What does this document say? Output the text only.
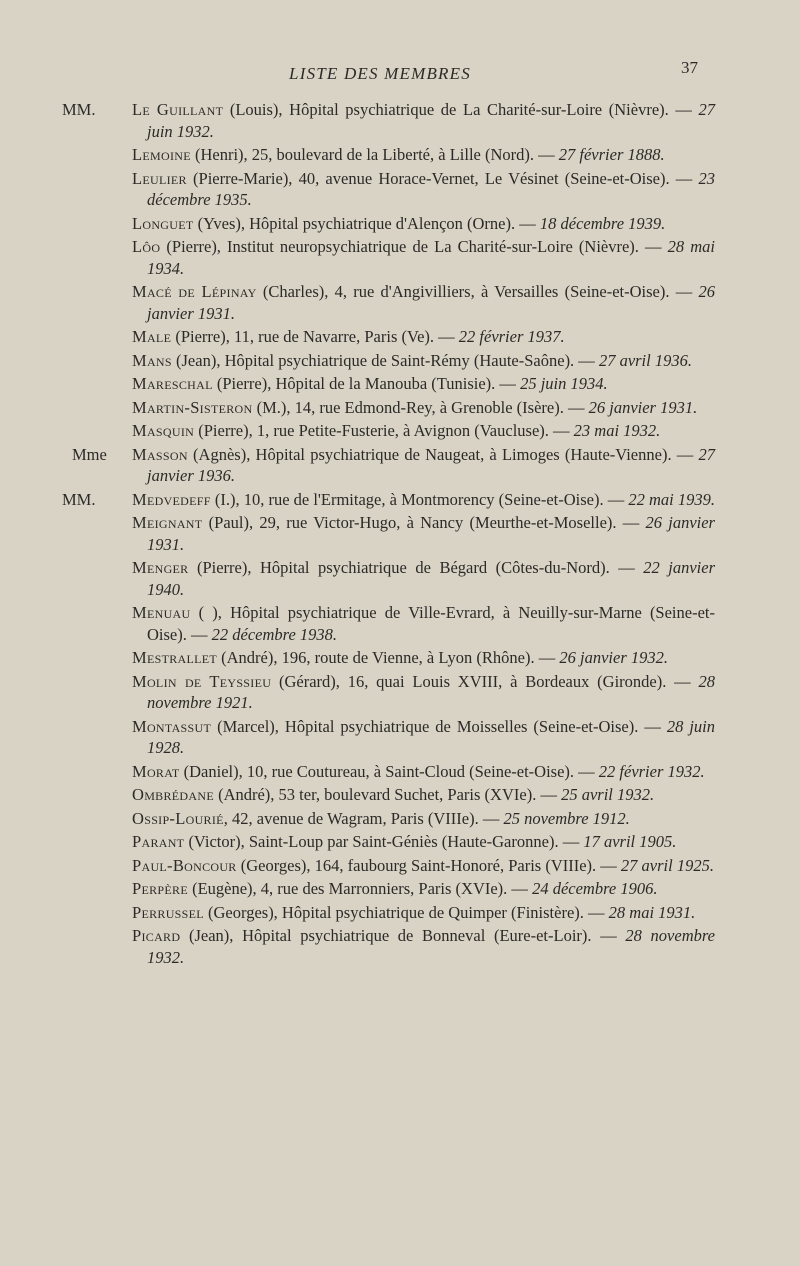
LISTE DES MEMBRES	37
MM. Le Guillant (Louis), Hôpital psychiatrique de La Charité-sur-Loire (Nièvre). — 27 juin 1932.
Lemoine (Henri), 25, boulevard de la Liberté, à Lille (Nord). — 27 février 1888.
Leulier (Pierre-Marie), 40, avenue Horace-Vernet, Le Vésinet (Seine-et-Oise). — 23 décembre 1935.
Longuet (Yves), Hôpital psychiatrique d'Alençon (Orne). — 18 décembre 1939.
Lôo (Pierre), Institut neuropsychiatrique de La Charité-sur-Loire (Nièvre). — 28 mai 1934.
Macé de Lépinay (Charles), 4, rue d'Angivilliers, à Versailles (Seine-et-Oise). — 26 janvier 1931.
Male (Pierre), 11, rue de Navarre, Paris (Ve). — 22 février 1937.
Mans (Jean), Hôpital psychiatrique de Saint-Rémy (Haute-Saône). — 27 avril 1936.
Mareschal (Pierre), Hôpital de la Manouba (Tunisie). — 25 juin 1934.
Martin-Sisteron (M.), 14, rue Edmond-Rey, à Grenoble (Isère). — 26 janvier 1931.
Masquin (Pierre), 1, rue Petite-Fusterie, à Avignon (Vaucluse). — 23 mai 1932.
Mme Masson (Agnès), Hôpital psychiatrique de Naugeat, à Limoges (Haute-Vienne). — 27 janvier 1936.
MM. Medvedeff (I.), 10, rue de l'Ermitage, à Montmorency (Seine-et-Oise). — 22 mai 1939.
Meignant (Paul), 29, rue Victor-Hugo, à Nancy (Meurthe-et-Moselle). — 26 janvier 1931.
Menger (Pierre), Hôpital psychiatrique de Bégard (Côtes-du-Nord). — 22 janvier 1940.
Menuau ( ), Hôpital psychiatrique de Ville-Evrard, à Neuilly-sur-Marne (Seine-et-Oise). — 22 décembre 1938.
Mestrallet (André), 196, route de Vienne, à Lyon (Rhône). — 26 janvier 1932.
Molin de Teyssieu (Gérard), 16, quai Louis XVIII, à Bordeaux (Gironde). — 28 novembre 1921.
Montassut (Marcel), Hôpital psychiatrique de Moisselles (Seine-et-Oise). — 28 juin 1928.
Morat (Daniel), 10, rue Coutureau, à Saint-Cloud (Seine-et-Oise). — 22 février 1932.
Ombrédane (André), 53 ter, boulevard Suchet, Paris (XVIe). — 25 avril 1932.
Ossip-Lourié, 42, avenue de Wagram, Paris (VIIIe). — 25 novembre 1912.
Parant (Victor), Saint-Loup par Saint-Géniès (Haute-Garonne). — 17 avril 1905.
Paul-Boncour (Georges), 164, faubourg Saint-Honoré, Paris (VIIIe). — 27 avril 1925.
Perpère (Eugène), 4, rue des Marronniers, Paris (XVIe). — 24 décembre 1906.
Perrussel (Georges), Hôpital psychiatrique de Quimper (Finistère). — 28 mai 1931.
Picard (Jean), Hôpital psychiatrique de Bonneval (Eure-et-Loir). — 28 novembre 1932.
